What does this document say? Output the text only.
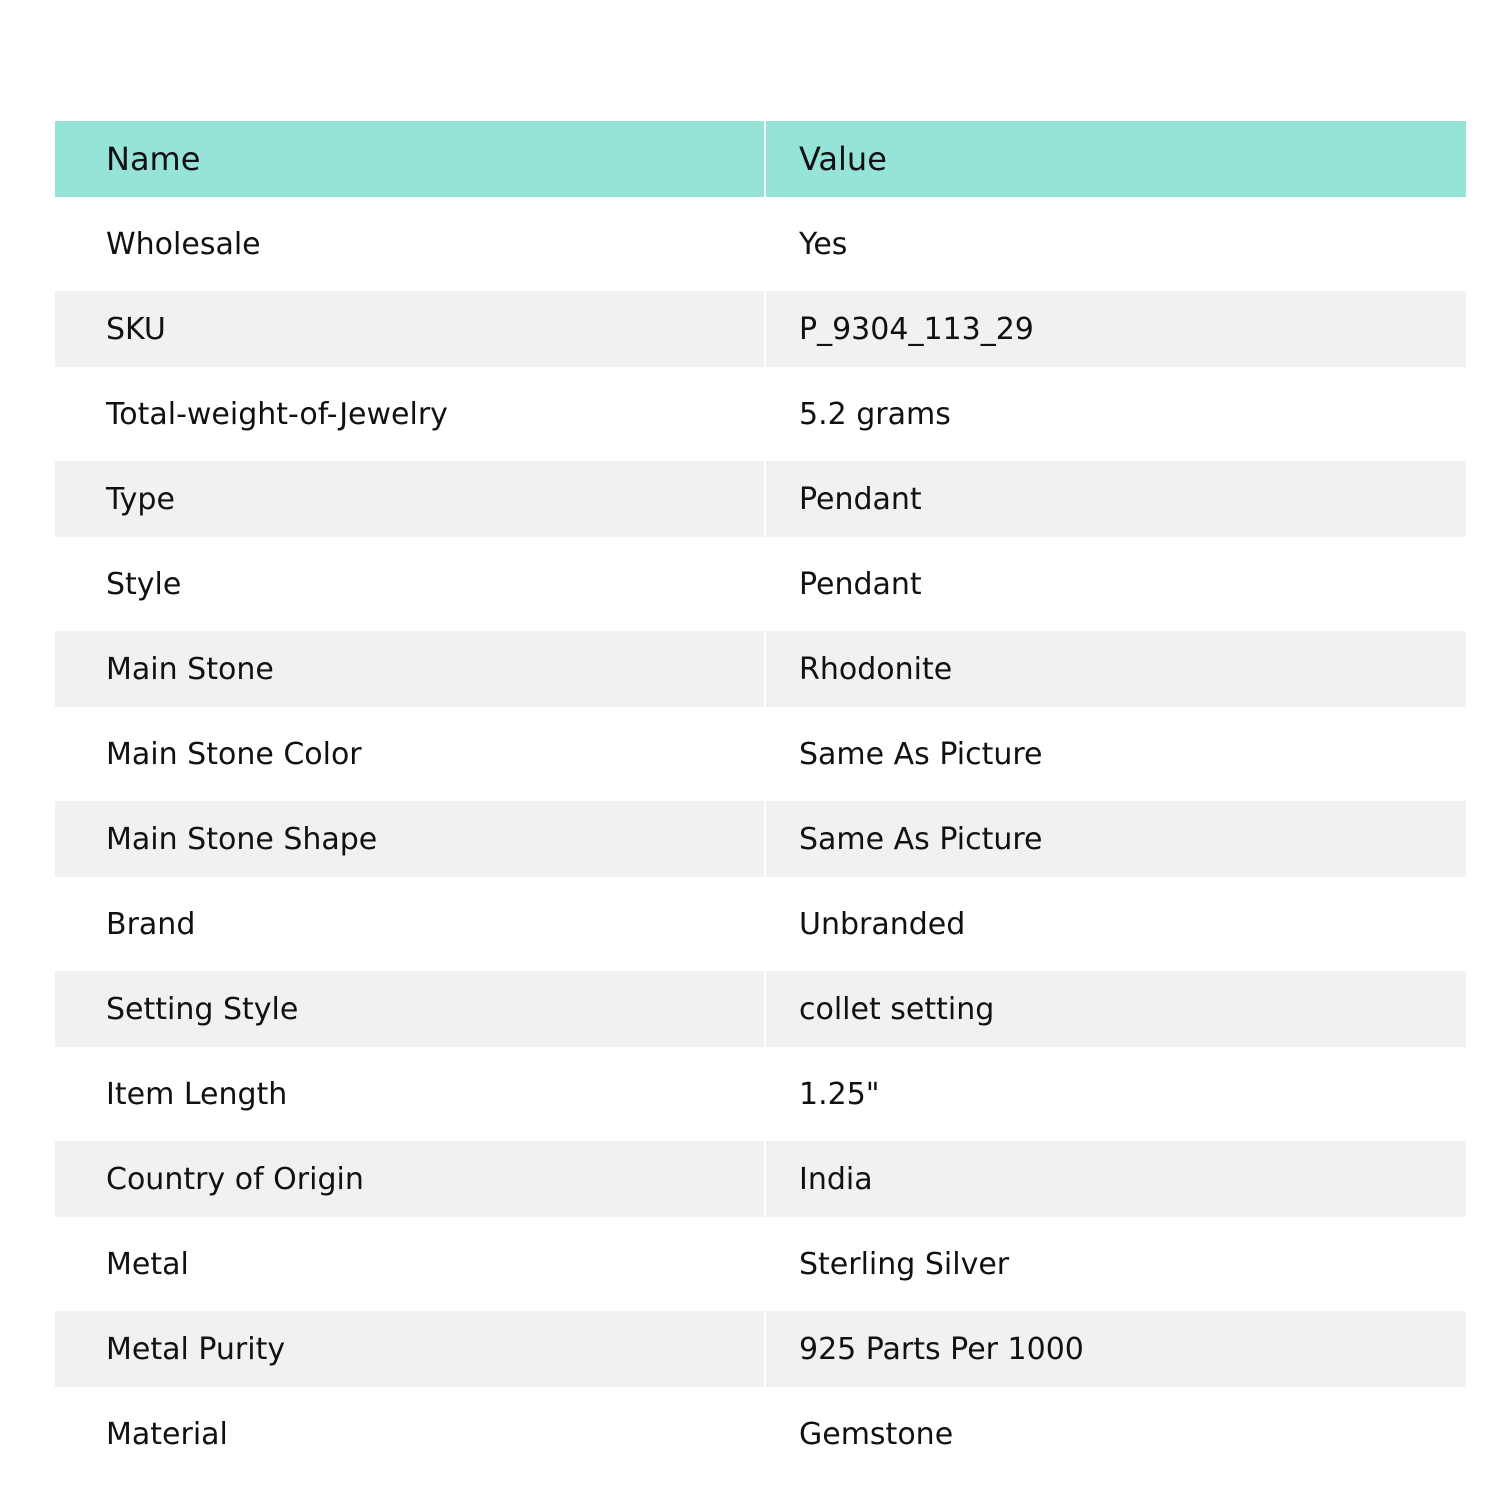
Name	Value
Wholesale	Yes
SKU	P_9304_113_29
Total-weight-of-Jewelry	5.2 grams
Type	Pendant
Style	Pendant
Main Stone	Rhodonite
Main Stone Color	Same As Picture
Main Stone Shape	Same As Picture
Brand	Unbranded
Setting Style	collet setting
Item Length	1.25"
Country of Origin	India
Metal	Sterling Silver
Metal Purity	925 Parts Per 1000
Material	Gemstone
